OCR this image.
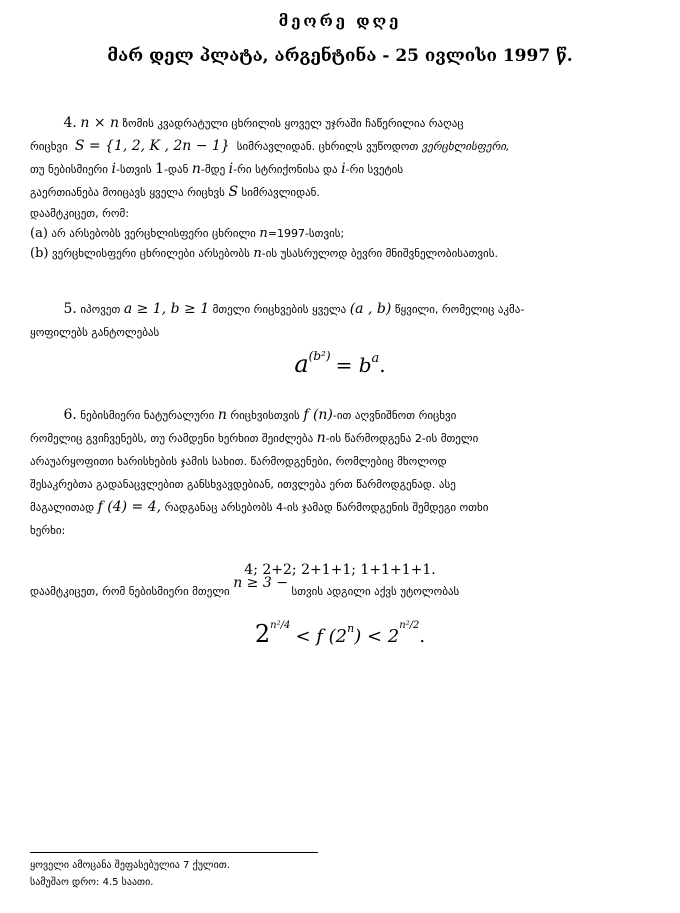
მეორე დღე
მარ დელ პლატა, არგენტინა - 25 ივლისი 1997 წ.
4. n × n ზომის კვადრატული ცხრილის ყოველ უჯრაში ჩაწერილია რაღაც
რიცხვი S = {1, 2, K , 2n − 1} სიმრავლიდან. ცხრილს ვუწოდოთ ვერცხლისფერი,
თუ ნებისმიერი i-სთვის 1-დან n-მდე i-რი სტრიქონისა და i-რი სვეტის
გაერთიანება მოიცავს ყველა რიცხვს S სიმრავლიდან.
დაამტკიცეთ, რომ:
(a) არ არსებობს ვერცხლისფერი ცხრილი n=1997-სთვის;
(b) ვერცხლისფერი ცხრილები არსებობს n-ის უსასრულოდ ბევრი მნიშვნელობისათვის.
5. იპოვეთ a ≥ 1, b ≥ 1 მთელი რიცხვების ყველა (a , b) წყვილი, რომელიც აკმა-
ყოფილებს განტოლებას
$a^{(b^2)} = b^a$.
6. ნებისმიერი ნატურალური n რიცხვისთვის f (n)-ით აღვნიშნოთ რიცხვი
რომელიც გვიჩვენებს, თუ რამდენი ხერხით შეიძლება n-ის წარმოდგენა 2-ის მთელი
არაუარყოფითი ხარისხების ჯამის სახით. წარმოდგენები, რომლებიც მხოლოდ
შესაკრებთა გადანაცვლებით განსხვავდებიან, ითვლება ერთ წარმოდგენად. ასე
მაგალითად f (4) = 4, რადგანაც არსებობს 4-ის ჯამად წარმოდგენის შემდეგი ოთხი
ხერხი:
4; 2+2; 2+1+1; 1+1+1+1.
დაამტკიცეთ, რომ ნებისმიერი მთელი n ≥ 3 − სთვის ადგილი აქვს უტოლობას
$2^{n^2/4} < f$ $(2^n) < 2^{n^2/2}$.
ყოველი ამოცანა შეფასებულია 7 ქულით.
სამუშაო დრო: 4.5 საათი.
